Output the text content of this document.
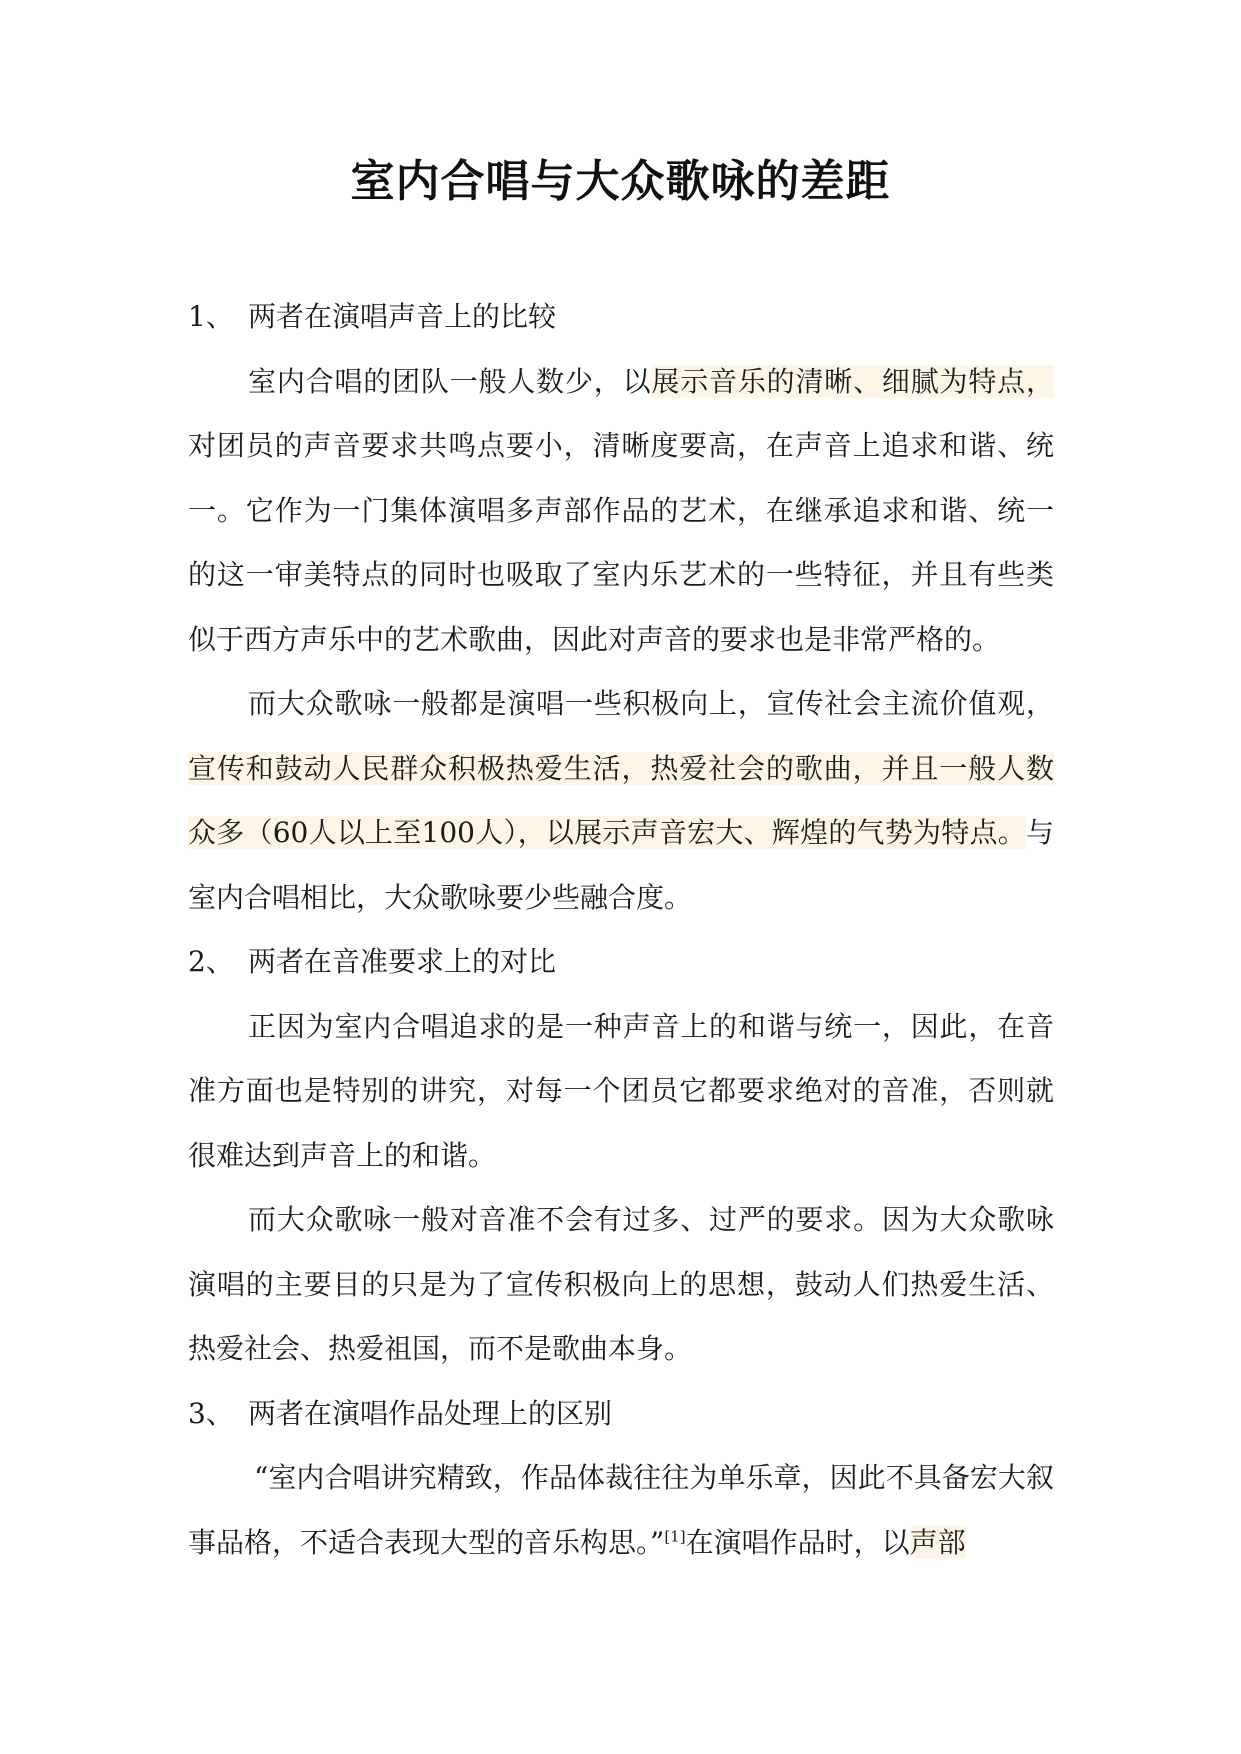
室内合唱与大众歌咏的差距

1、 两者在演唱声音上的比较

室内合唱的团队一般人数少，以展示音乐的清晰、细腻为特点，对团员的声音要求共鸣点要小，清晰度要高，在声音上追求和谐、统一。它作为一门集体演唱多声部作品的艺术，在继承追求和谐、统一的这一审美特点的同时也吸取了室内乐艺术的一些特征，并且有些类似于西方声乐中的艺术歌曲，因此对声音的要求也是非常严格的。

而大众歌咏一般都是演唱一些积极向上，宣传社会主流价值观，宣传和鼓动人民群众积极热爱生活，热爱社会的歌曲，并且一般人数众多（60人以上至100人），以展示声音宏大、辉煌的气势为特点。与室内合唱相比，大众歌咏要少些融合度。

2、 两者在音准要求上的对比

正因为室内合唱追求的是一种声音上的和谐与统一，因此，在音准方面也是特别的讲究，对每一个团员它都要求绝对的音准，否则就很难达到声音上的和谐。

而大众歌咏一般对音准不会有过多、过严的要求。因为大众歌咏演唱的主要目的只是为了宣传积极向上的思想，鼓动人们热爱生活、热爱社会、热爱祖国，而不是歌曲本身。

3、 两者在演唱作品处理上的区别

“室内合唱讲究精致，作品体裁往往为单乐章，因此不具备宏大叙事品格，不适合表现大型的音乐构思。”[1]在演唱作品时，以声部
